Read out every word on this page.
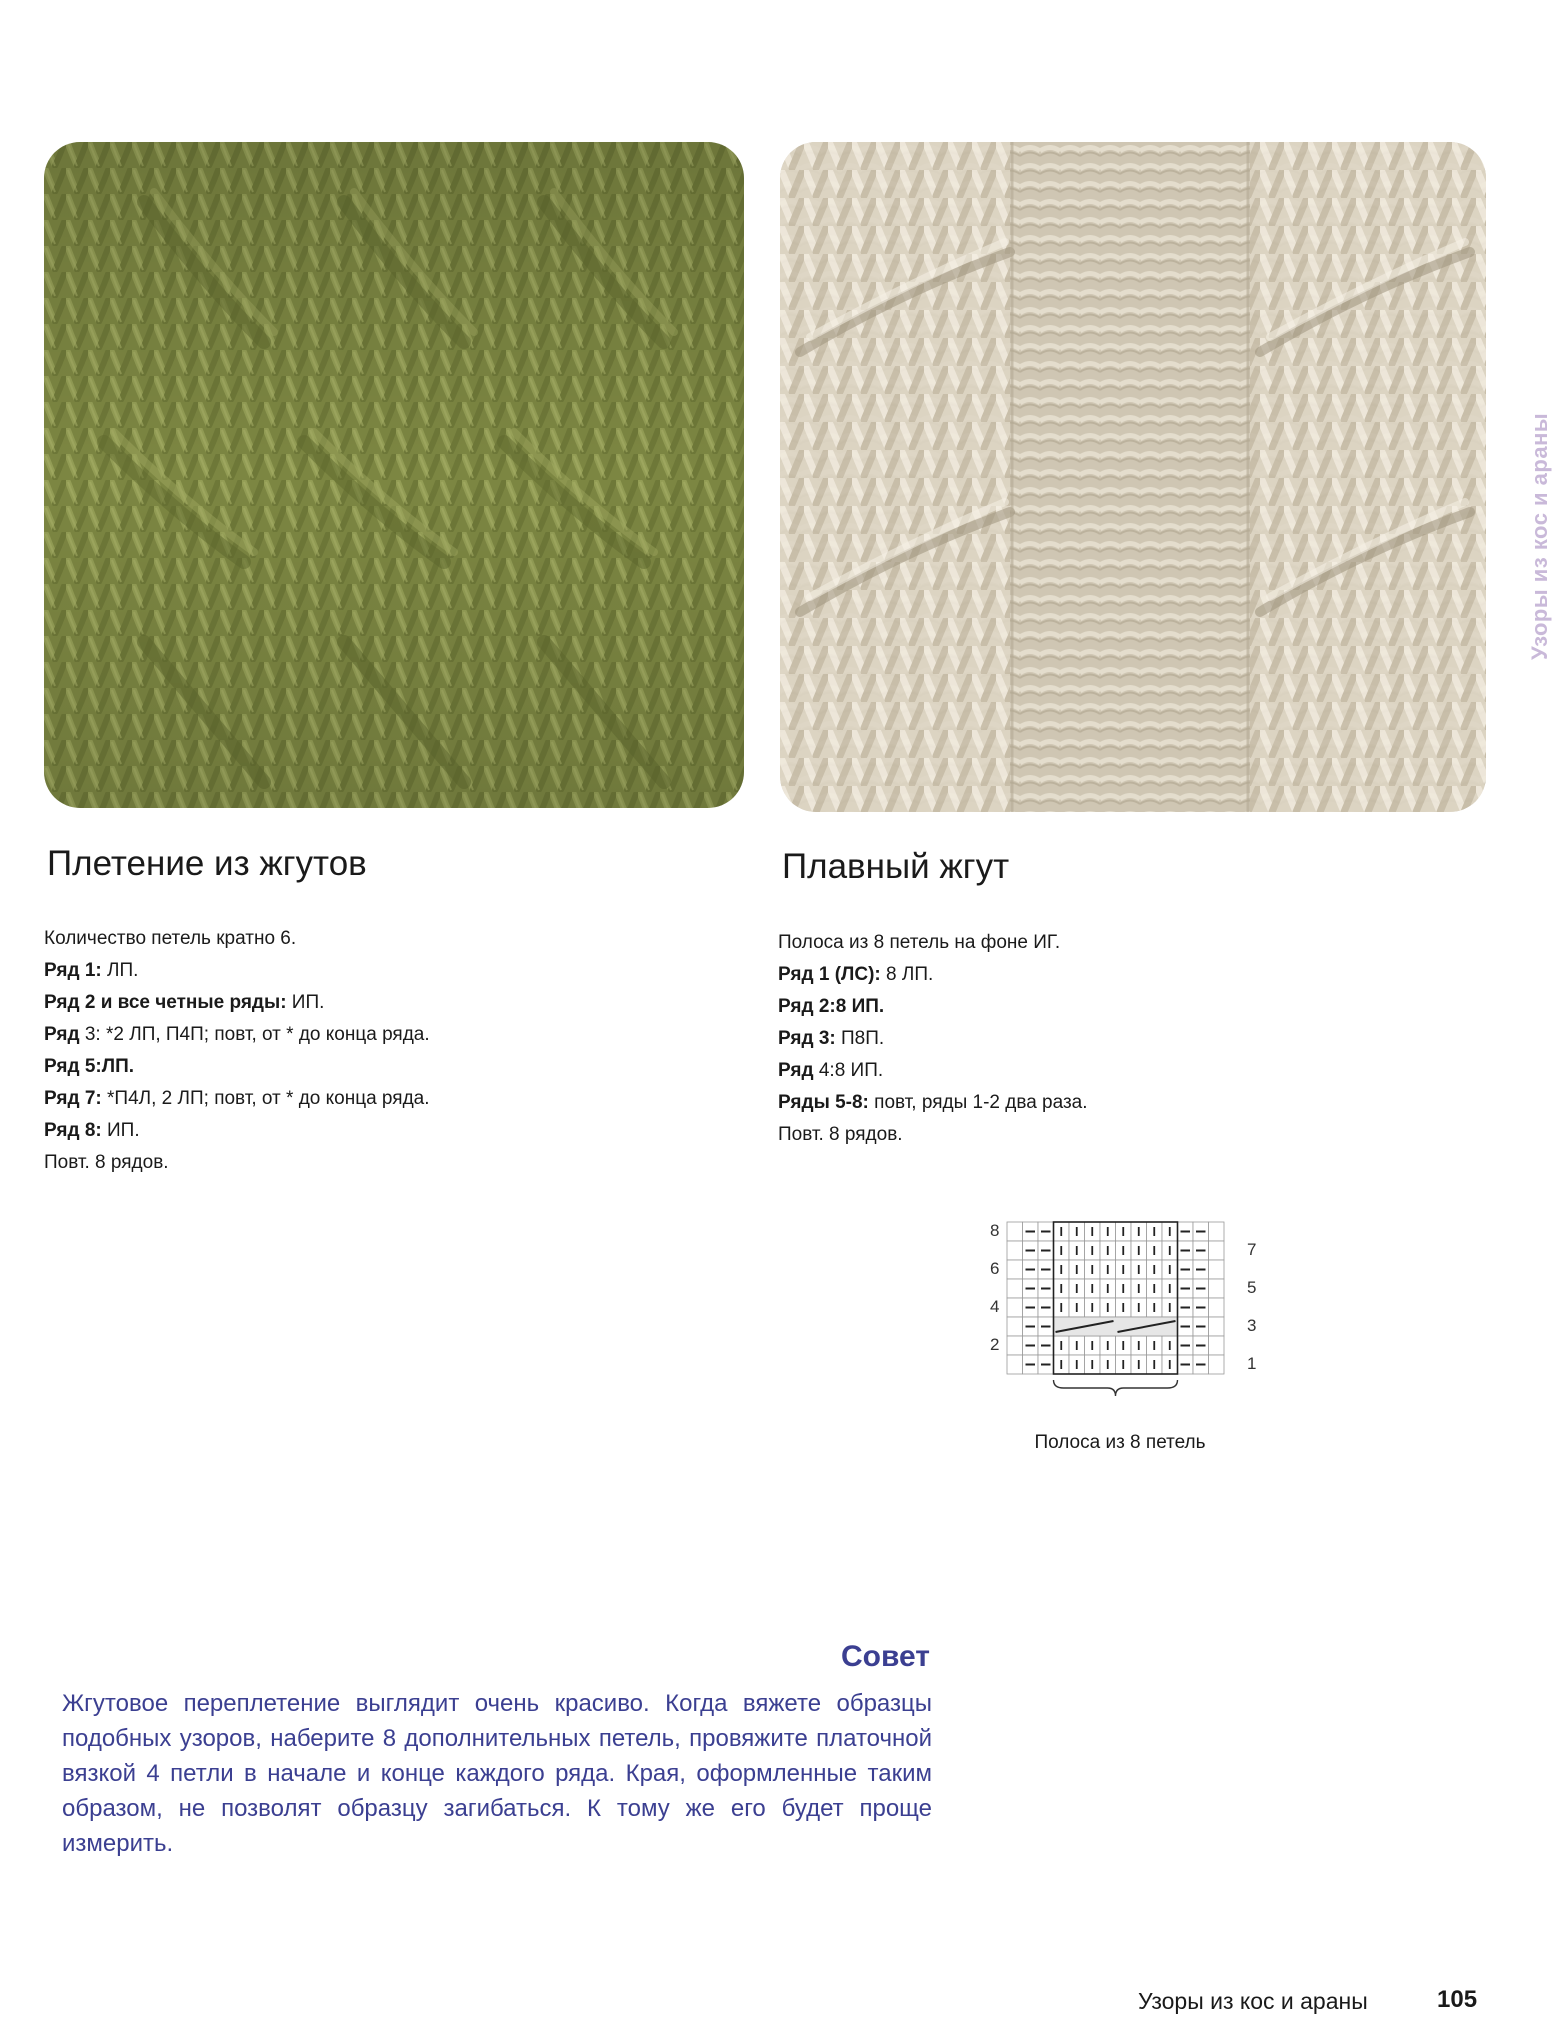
Узоры из кос и араны
Плетение из жгутов
Количество петель кратно 6.
Ряд 1: ЛП.
Ряд 2 и все четные ряды: ИП.
Ряд 3: *2 ЛП, П4П; повт, от * до конца ряда.
Ряд 5:ЛП.
Ряд 7: *П4Л, 2 ЛП; повт, от * до конца ряда.
Ряд 8: ИП.
Повт. 8 рядов.
Плавный жгут
Полоса из 8 петель на фоне ИГ.
Ряд 1 (ЛС): 8 ЛП.
Ряд 2:8 ИП.
Ряд 3: П8П.
Ряд 4:8 ИП.
Ряды 5-8: повт, ряды 1-2 два раза.
Повт. 8 рядов.
8
6
4
2
7
5
3
1
Полоса из 8 петель
Совет
Жгутовое переплетение выглядит очень красиво. Когда вяжете образцы подобных узоров, наберите 8 дополнительных петель, провяжите платочной вязкой 4 петли в начале и конце каждого ряда. Края, оформленные таким образом, не позволят образцу загибаться. К тому же его будет проще измерить.
Узоры из кос и араны	105
